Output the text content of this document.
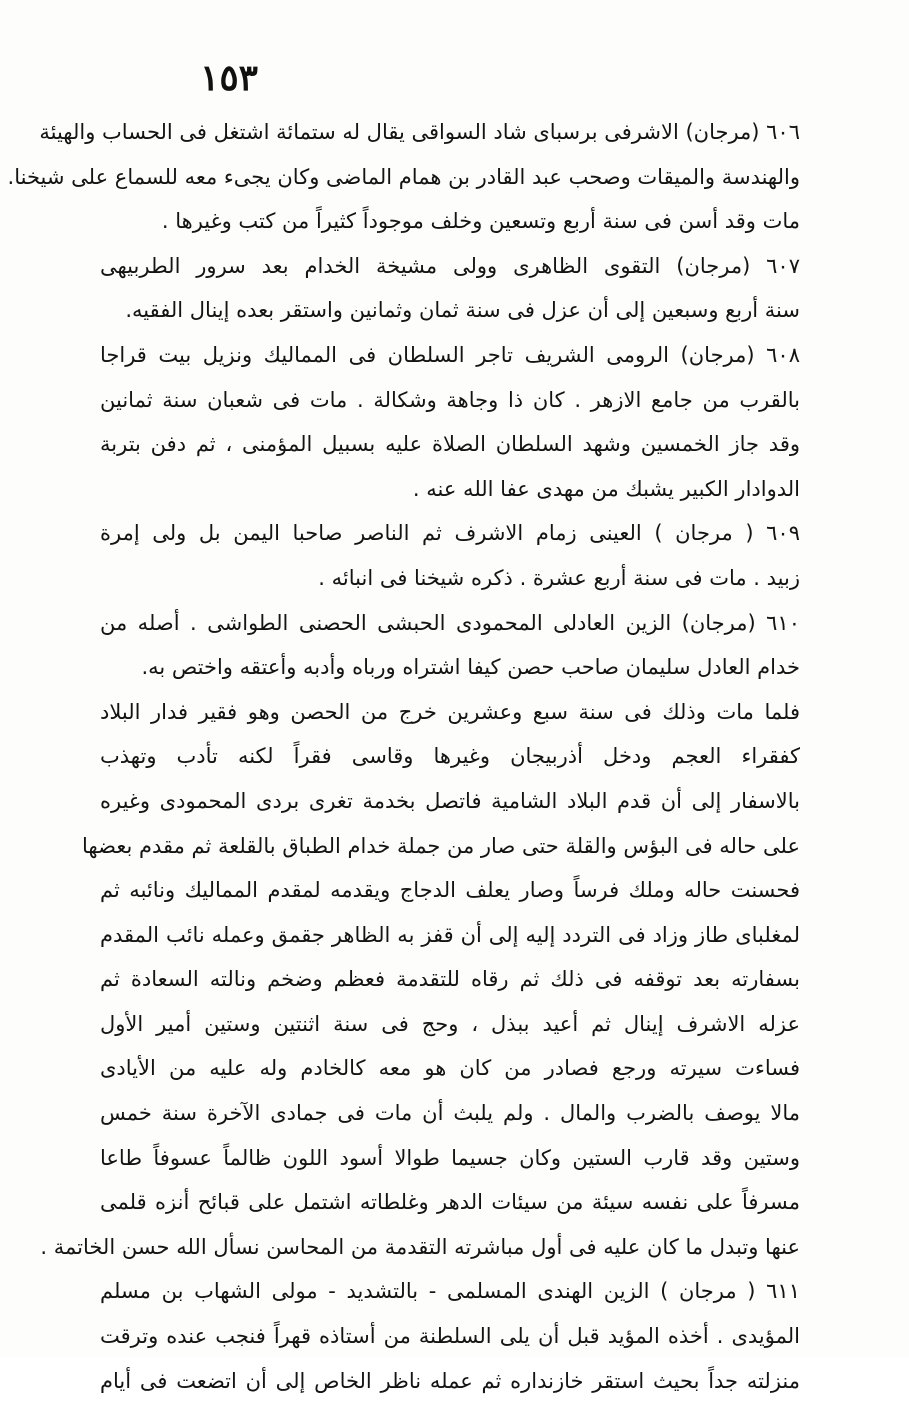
١٥٣
٦٠٦ (مرجان) الاشرفى برسباى شاد السواقى يقال له ستمائة اشتغل فى الحساب والهيئة
والهندسة والميقات وصحب عبد القادر بن همام الماضى وكان يجىء معه للسماع على شيخنا.
مات وقد أسن فى سنة أربع وتسعين وخلف موجوداً كثيراً من كتب وغيرها .
٦٠٧ (مرجان) التقوى الظاهرى وولى مشيخة الخدام بعد سرور الطربيهى
سنة أربع وسبعين إلى أن عزل فى سنة ثمان وثمانين واستقر بعده إينال الفقيه.
٦٠٨ (مرجان) الرومى الشريف تاجر السلطان فى المماليك ونزيل بيت قراجا
بالقرب من جامع الازهر . كان ذا وجاهة وشكالة . مات فى شعبان سنة ثمانين
وقد جاز الخمسين وشهد السلطان الصلاة عليه بسبيل المؤمنى ، ثم دفن بتربة
الدوادار الكبير يشبك من مهدى عفا الله عنه .
٦٠٩ ( مرجان ) العينى زمام الاشرف ثم الناصر صاحبا اليمن بل ولى إمرة
زبيد . مات فى سنة أربع عشرة . ذكره شيخنا فى انبائه .
٦١٠ (مرجان) الزين العادلى المحمودى الحبشى الحصنى الطواشى . أصله من
خدام العادل سليمان صاحب حصن كيفا اشتراه ورباه وأدبه وأعتقه واختص به.
فلما مات وذلك فى سنة سبع وعشرين خرج من الحصن وهو فقير فدار البلاد
كفقراء العجم ودخل أذربيجان وغيرها وقاسى فقراً لكنه تأدب وتهذب
بالاسفار إلى أن قدم البلاد الشامية فاتصل بخدمة تغرى بردى المحمودى وغيره
على حاله فى البؤس والقلة حتى صار من جملة خدام الطباق بالقلعة ثم مقدم بعضها
فحسنت حاله وملك فرساً وصار يعلف الدجاج ويقدمه لمقدم المماليك ونائبه ثم
لمغلباى طاز وزاد فى التردد إليه إلى أن قفز به الظاهر جقمق وعمله نائب المقدم
بسفارته بعد توقفه فى ذلك ثم رقاه للتقدمة فعظم وضخم ونالته السعادة ثم
عزله الاشرف إينال ثم أعيد ببذل ، وحج فى سنة اثنتين وستين أمير الأول
فساءت سيرته ورجع فصادر من كان هو معه كالخادم وله عليه من الأيادى
مالا يوصف بالضرب والمال . ولم يلبث أن مات فى جمادى الآخرة سنة خمس
وستين وقد قارب الستين وكان جسيما طوالا أسود اللون ظالماً عسوفاً طاعا
مسرفاً على نفسه سيئة من سيئات الدهر وغلطاته اشتمل على قبائح أنزه قلمى
عنها وتبدل ما كان عليه فى أول مباشرته التقدمة من المحاسن نسأل الله حسن الخاتمة .
٦١١ ( مرجان ) الزين الهندى المسلمى - بالتشديد - مولى الشهاب بن مسلم
المؤيدى . أخذه المؤيد قبل أن يلى السلطنة من أستاذه قهراً فنجب عنده وترقت
منزلته جداً بحيث استقر خازنداره ثم عمله ناظر الخاص إلى أن اتضعت فى أيام
